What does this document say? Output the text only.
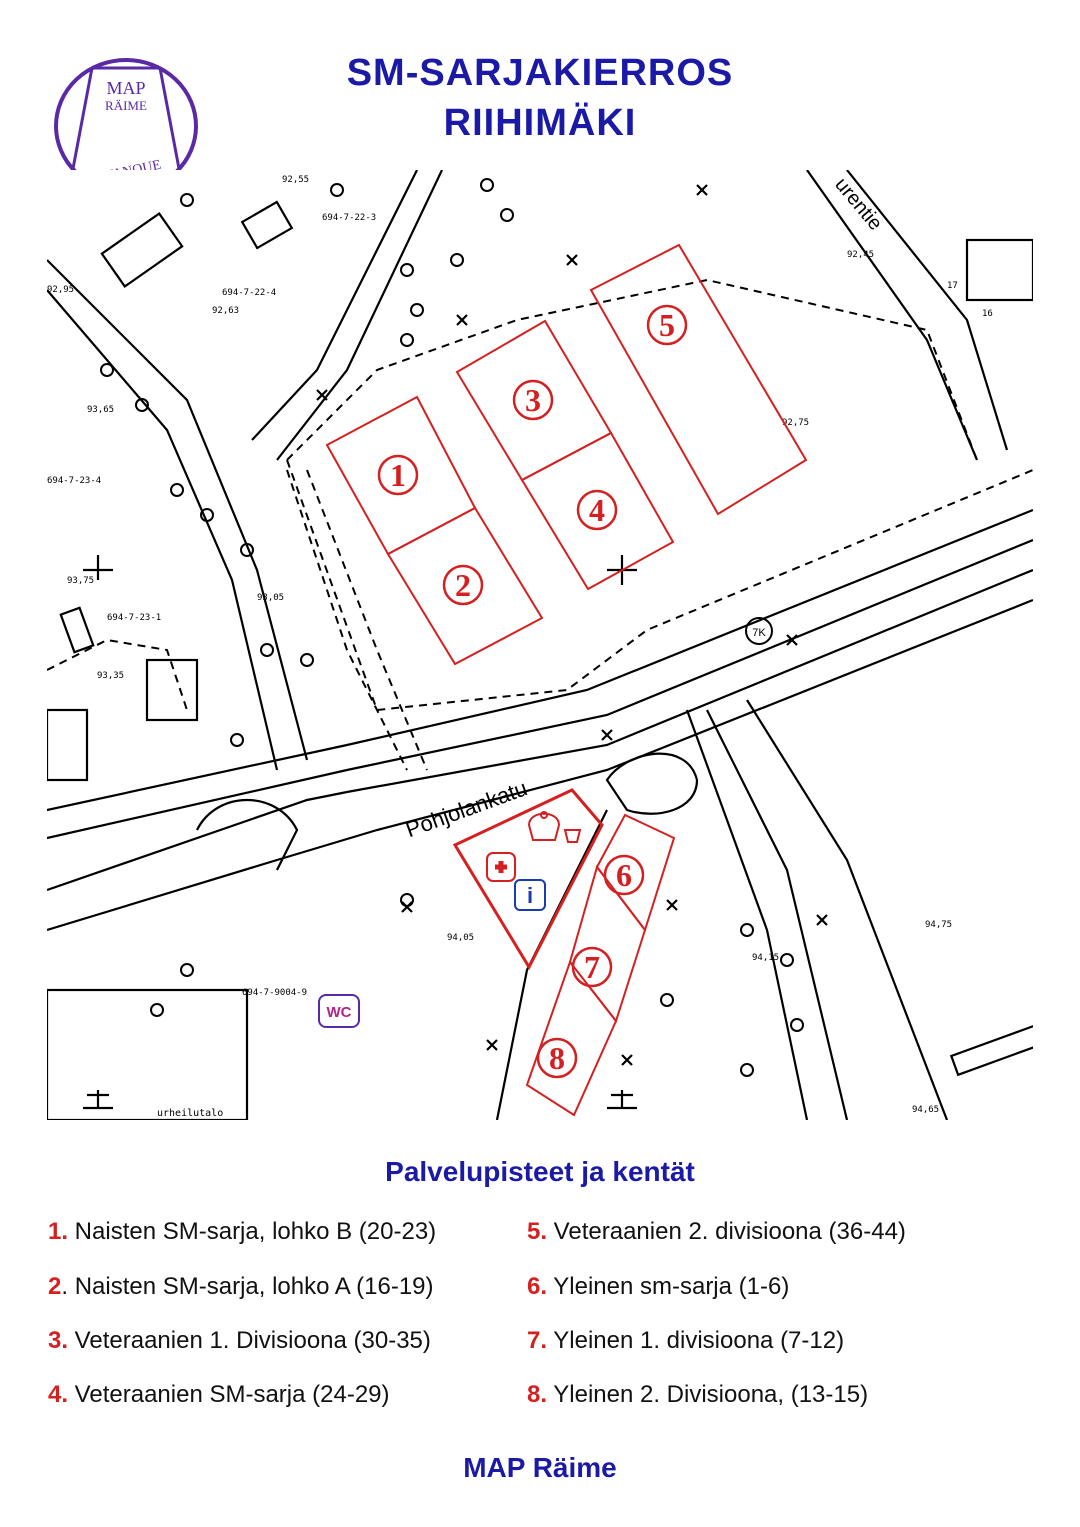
SM-SARJAKIERROS
RIIHIMÄKI
MAP
RÄIME
PETANQUE
694-7-22-3
694-7-22-4
694-7-23-4
694-7-23-1
694-7-9004-9
92,55
92,45
92,63
92,75
93,05
93,35
93,75
94,05
94,15
94,75
94,65
93,65
92,95
urheilutalo
17
16
Pohjolankatu
urentie
7K
1
2
3
4
5
6
7
8
i
WC
Palvelupisteet ja kentät
1. Naisten SM-sarja, lohko B (20-23)
2. Naisten SM-sarja, lohko A (16-19)
3. Veteraanien 1. Divisioona (30-35)
4. Veteraanien SM-sarja (24-29)
5. Veteraanien 2. divisioona (36-44)
6. Yleinen sm-sarja (1-6)
7. Yleinen 1. divisioona (7-12)
8. Yleinen 2. Divisioona, (13-15)
MAP Räime
